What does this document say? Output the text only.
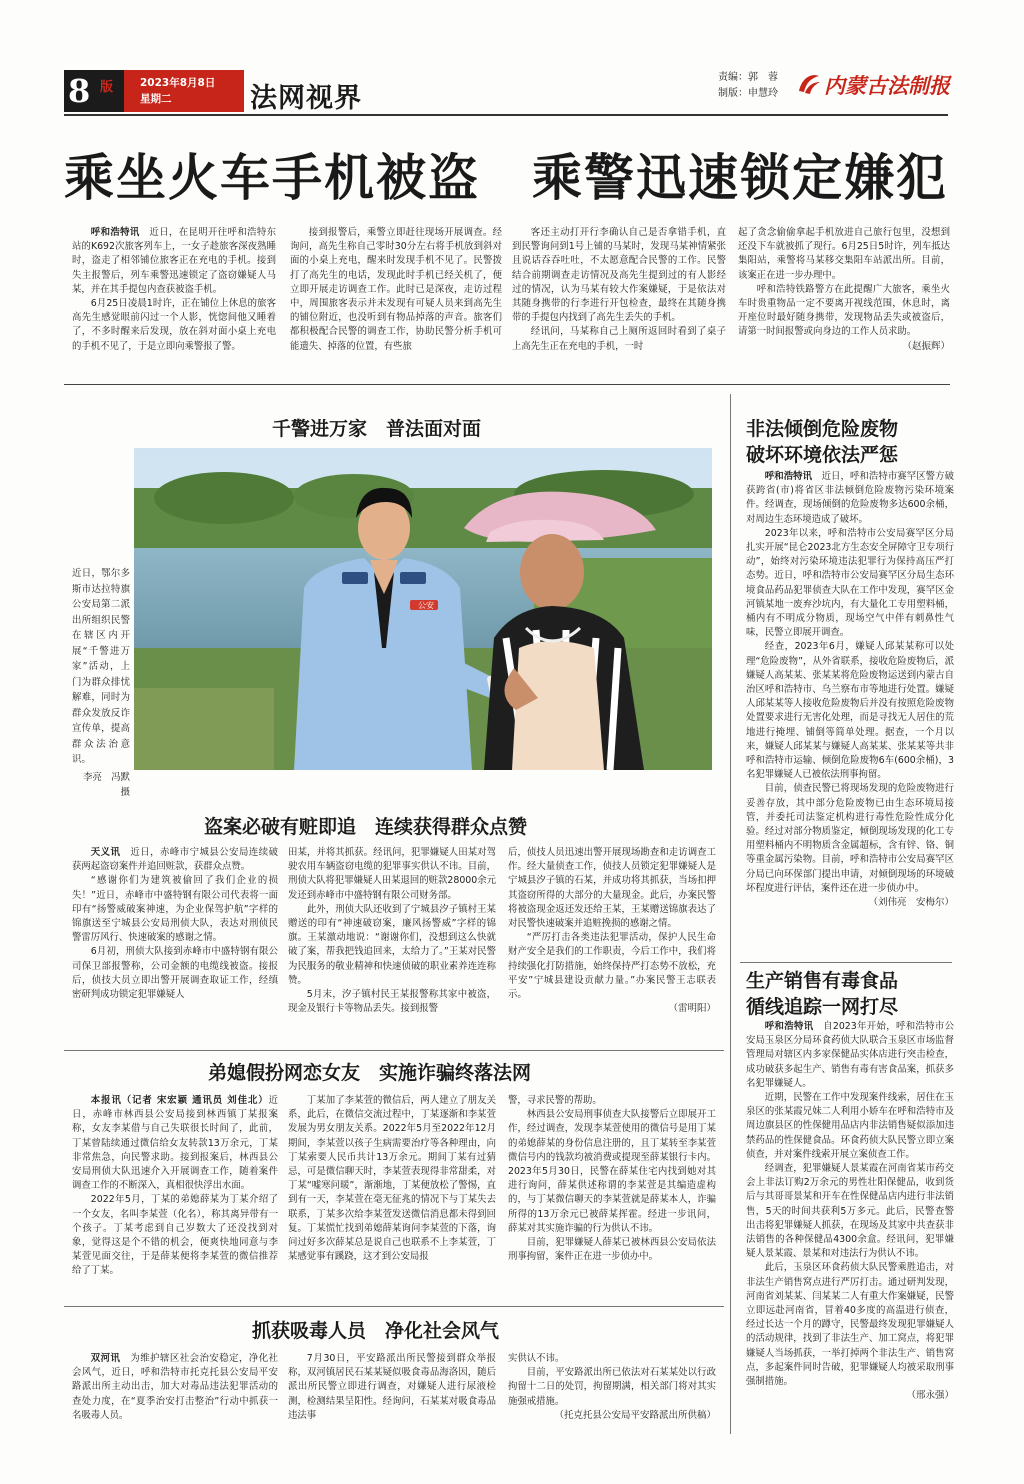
8 版	2023年8月8日
星期二	法网视界
责编：郭　蓉
制版：申慧玲 内蒙古法制报
乘坐火车手机被盗　乘警迅速锁定嫌犯

呼和浩特讯　 近日，在昆明开往呼和浩特东站的K692次旅客列车上，一女子趁旅客深夜熟睡时，盗走了相邻铺位旅客正在充电的手机。接到失主报警后，列车乘警迅速锁定了盗窃嫌疑人马某，并在其手提包内查获被盗手机。

6月25日凌晨1时许，正在铺位上休息的旅客高先生感觉眼前闪过一个人影，恍惚间他又睡着了，不多时醒来后发现，放在斜对面小桌上充电的手机不见了，于是立即向乘警报了警。

接到报警后，乘警立即赶往现场开展调查。经询问，高先生称自己零时30分左右将手机放到斜对面的小桌上充电，醒来时发现手机不见了。民警拨打了高先生的电话，发现此时手机已经关机了，便立即开展走访调查工作。此时已是深夜，走访过程中，周围旅客表示并未发现有可疑人员来到高先生的铺位附近，也没听到有物品掉落的声音。旅客们都积极配合民警的调查工作，协助民警分析手机可能遗失、掉落的位置，有些旅

客还主动打开行李确认自己是否拿错手机，直到民警询问到1号上铺的马某时，发现马某神情紧张且说话吞吞吐吐，不太愿意配合民警的工作。民警结合前期调查走访情况及高先生提到过的有人影经过的情况，认为马某有较大作案嫌疑，于是依法对其随身携带的行李进行开包检查，最终在其随身携带的手提包内找到了高先生丢失的手机。

经讯问，马某称自己上厕所返回时看到了桌子上高先生正在充电的手机，一时

起了贪念偷偷拿起手机放进自己旅行包里，没想到还没下车就被抓了现行。6月25日5时许，列车抵达集阳站，乘警将马某移交集阳车站派出所。目前，该案正在进一步办理中。

呼和浩特铁路警方在此提醒广大旅客，乘坐火车时贵重物品一定不要离开视线范围，休息时，离开座位时最好随身携带，发现物品丢失或被盗后，请第一时间报警或向身边的工作人员求助。

（赵振辉）
千警进万家　普法面对面
近日，鄂尔多斯市达拉特旗公安局第二派出所组织民警在辖区内开展“千警进万家”活动，上门为群众排忧解难，同时为群众发放反诈宣传单，提高群众法治意识。
李亮　冯默　摄
公安
盗案必破有赃即追　连续获得群众点赞

天义讯　 近日，赤峰市宁城县公安局连续破获两起盗窃案件并追回赃款，获群众点赞。

“感谢你们为建筑被偷回了我们企业的损失！”近日，赤峰市中盛特钢有限公司代表将一面印有“扬警威破案神速，为企业保驾护航”字样的锦旗送至宁城县公安局刑侦大队，表达对刑侦民警雷厉风行、快速破案的感谢之情。

6月初，刑侦大队接到赤峰市中盛特钢有限公司保卫部报警称，公司金额的电缆线被盗。接报后，侦技大员立即出警开展调查取证工作，经缜密研判成功锁定犯罪嫌疑人

田某，并将其抓获。经讯问，犯罪嫌疑人田某对驾驶农用车辆盗窃电缆的犯罪事实供认不讳。目前，刑侦大队将犯罪嫌疑人田某退回的赃款28000余元发还到赤峰市中盛特钢有限公司财务部。

此外，刑侦大队还收到了宁城县汐子镇村王某赠送的印有“神速破窃案，廉风扬警威”字样的锦旗。王某激动地说：“谢谢你们，没想到这么快就破了案，帮我把钱追回来，太给力了。”王某对民警为民服务的敬业精神和快速侦破的职业素养连连称赞。

5月末，汐子镇村民王某报警称其家中被盗，现金及银行卡等物品丢失。接到报警

后，侦技人员迅速出警开展现场勘查和走访调查工作。经大量侦查工作，侦技人员锁定犯罪嫌疑人是宁城县汐子镇的石某，并成功将其抓获，当场扣押其盗窃所得的大部分的大量现金。此后，办案民警将被盗现金返还发还给王某，王某赠送锦旗表达了对民警快速破案并追赃挽损的感谢之情。

“严厉打击各类违法犯罪活动，保护人民生命财产安全是我们的工作职责，今后工作中，我们将持续强化打防措施，始终保持严打态势不放松，充平安”宁城县建设贡献力量。”办案民警王志联表示。

（雷明阳）
弟媳假扮网恋女友　实施诈骗终落法网

本报讯（记者 宋宏颖 通讯员 刘佳北）近日，赤峰市林西县公安局接到林西镇丁某报案称，女友李某借与自己失联很长时间了，此前，丁某曾陆续通过微信给女友转款13万余元，丁某非常焦急，向民警求助。接到报案后，林西县公安局刑侦大队迅速介入开展调查工作，随着案件调查工作的不断深入，真相很快浮出水面。

2022年5月，丁某的弟媳薛某为丁某介绍了一个女友，名叫李某萱（化名），称其离异带有一个孩子。丁某考虑到自己岁数大了还没找到对象，觉得这是个不错的机会，便爽快地同意与李某萱见面交往，于是薛某便将李某萱的微信推荐给了丁某。

丁某加了李某萱的微信后，两人建立了朋友关系，此后，在微信交流过程中，丁某逐渐和李某萱发展为男女朋友关系。2022年5月至2022年12月期间，李某萱以孩子生病需要治疗等各种理由，向丁某索要人民币共计13万余元。期间丁某有过猜忌，可是微信聊天时，李某萱表现得非常甜柔，对丁某“嘘寒问暖”，渐渐地，丁某便放松了警惕，直到有一天，李某萱在毫无征兆的情况下与丁某失去联系，丁某多次给李某萱发送微信消息都未得到回复。丁某慌忙找到弟媳薛某询问李某萱的下落，询问过好多次薛某总是说自己也联系不上李某萱，丁某感觉事有蹊跷，这才到公安局报

警，寻求民警的帮助。

林西县公安局刑事侦查大队接警后立即展开工作，经过调查，发现李某萱使用的微信号是用丁某的弟媳薛某的身份信息注册的，且丁某转至李某萱微信号内的钱款均被消费或提现至薛某银行卡内。2023年5月30日，民警在薛某住宅内找到她对其进行询问，薛某供述称谓的李某萱是其编造虚构的，与丁某微信聊天的李某萱就是薛某本人，诈骗所得的13万余元已被薛某挥霍。经进一步讯问，薛某对其实施诈骗的行为供认不讳。

目前，犯罪嫌疑人薛某已被林西县公安局依法刑事拘留，案件正在进一步侦办中。

抓获吸毒人员　净化社会风气

双河讯　 为维护辖区社会治安稳定，净化社会风气，近日，呼和浩特市托克托县公安局平安路派出所主动出击，加大对毒品违法犯罪活动的查处力度，在“夏季治安打击整治”行动中抓获一名吸毒人员。

7月30日，平安路派出所民警接到群众举报称，双河镇居民石某某疑似吸食毒品海洛因，随后派出所民警立即进行调查，对嫌疑人进行尿液检测，检测结果呈阳性。经询问，石某某对吸食毒品违法事

实供认不讳。

目前，平安路派出所已依法对石某某处以行政拘留十二日的处罚，拘留期满，相关部门将对其实施强戒措施。

（托克托县公安局平安路派出所供稿）
非法倾倒危险废物
破坏环境依法严惩

呼和浩特讯　 近日，呼和浩特市赛罕区警方破获跨省(市)将省区非法倾倒危险废物污染环境案件。经调查，现场倾倒的危险废物多达600余桶，对周边生态环境造成了破坏。

2023年以来，呼和浩特市公安局赛罕区分局扎实开展“昆仑2023北方生态安全屏障守卫专项行动”，始终对污染环境违法犯罪行为保持高压严打态势。近日，呼和浩特市公安局赛罕区分局生态环境食品药品犯罪侦查大队在工作中发现，赛罕区金河镇某地一废弃沙坑内，有大量化工专用塑料桶，桶内有不明成分物质，现场空气中伴有刺鼻性气味，民警立即展开调查。

经查，2023年6月，嫌疑人邱某某称可以处理“危险废物”，从外省联系，接收危险废物后，派嫌疑人高某某、张某某将危险废物运送到内蒙古自治区呼和浩特市、乌兰察布市等地进行处置。嫌疑人邱某某等人接收危险废物后并没有按照危险废物处置要求进行无害化处理，而是寻找无人居住的荒地进行掩埋、铺倒等简单处理。据查，一个月以来，嫌疑人邱某某与嫌疑人高某某、张某某等共非呼和浩特市运输、倾倒危险废物6车(600余桶)，3名犯罪嫌疑人已被依法刑事拘留。

目前，侦查民警已将现场发现的危险废物进行妥善存放，其中部分危险废物已由生态环境局接管，并委托司法鉴定机构进行毒性危险性成分化验。经过对部分物质鉴定，倾倒现场发现的化工专用塑料桶内不明物质含金属超标，含有锌、铬、铜等重金属污染物。目前，呼和浩特市公安局赛罕区分局已向环保部门提出申请，对倾倒现场的环境破坏程度进行评估，案件还在进一步侦办中。

（刘伟亮　安梅尔）
生产销售有毒食品
循线追踪一网打尽

呼和浩特讯　 自2023年开始，呼和浩特市公安局玉泉区分局环食药侦大队联合玉泉区市场监督管理局对辖区内多家保健品实体店进行突击检查，成功破获多起生产、销售有毒有害食品案，抓获多名犯罪嫌疑人。

近期，民警在工作中发现案件线索，居住在玉泉区的张某霞兄妹二人利用小娇车在呼和浩特市及周边旗县区的性保健用品店内非法销售疑似添加违禁药品的性保健食品。环食药侦大队民警立即立案侦查，并对案件线索开展立案侦查工作。

经调查，犯罪嫌疑人景某霞在河南省某市药交会上非法订购2万余元的男性壮阳保健品，收到货后与其哥哥景某和开车在性保健品店内进行非法销售，5天的时间共获利5万多元。此后，民警查警出击将犯罪嫌疑人抓获，在现场及其家中共查获非法销售的各种保健品4300余盒。经讯问，犯罪嫌疑人景某霞、景某和对违法行为供认不讳。

此后，玉泉区环食药侦大队民警乘胜追击，对非法生产销售窝点进行严厉打击。通过研判发现，河南省刘某某、闫某某二人有重大作案嫌疑，民警立即远赴河南省，冒着40多度的高温进行侦查，经过长达一个月的蹲守，民警最终发现犯罪嫌疑人的活动规律，找到了非法生产、加工窝点，将犯罪嫌疑人当场抓获，一举打掉两个非法生产、销售窝点，多起案件同时告破，犯罪嫌疑人均被采取刑事强制措施。

（邢永强）
